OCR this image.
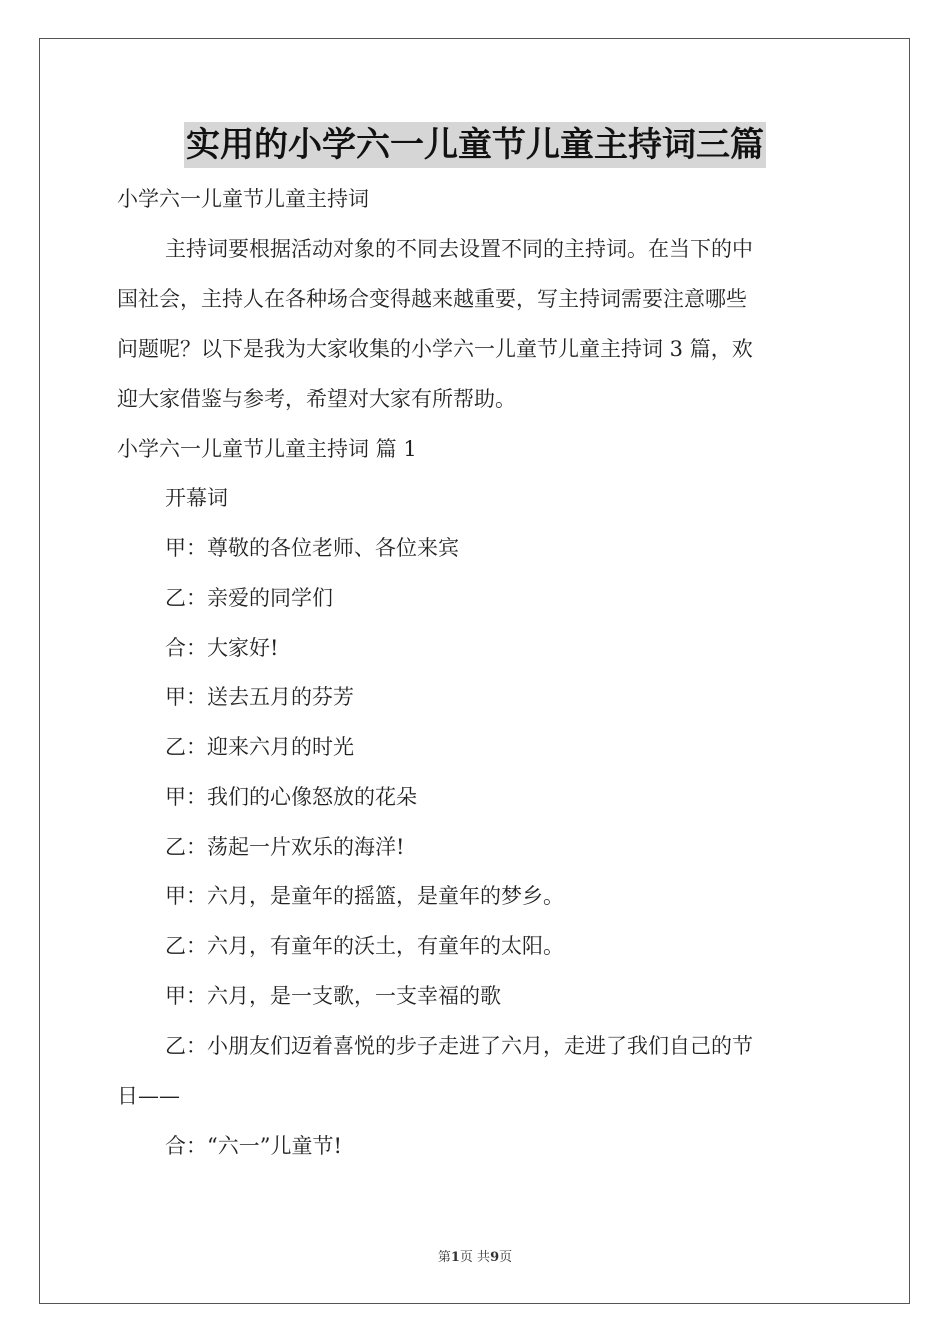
实用的小学六一儿童节儿童主持词三篇
小学六一儿童节儿童主持词
主持词要根据活动对象的不同去设置不同的主持词。在当下的中
国社会，主持人在各种场合变得越来越重要，写主持词需要注意哪些
问题呢？以下是我为大家收集的小学六一儿童节儿童主持词 3 篇，欢
迎大家借鉴与参考，希望对大家有所帮助。
小学六一儿童节儿童主持词 篇 1
开幕词
甲：尊敬的各位老师、各位来宾
乙：亲爱的同学们
合：大家好!
甲：送去五月的芬芳
乙：迎来六月的时光
甲：我们的心像怒放的花朵
乙：荡起一片欢乐的海洋!
甲：六月，是童年的摇篮，是童年的梦乡。
乙：六月，有童年的沃土，有童年的太阳。
甲：六月，是一支歌，一支幸福的歌
乙：小朋友们迈着喜悦的步子走进了六月，走进了我们自己的节
日——
合：“六一”儿童节!
第1页 共9页
